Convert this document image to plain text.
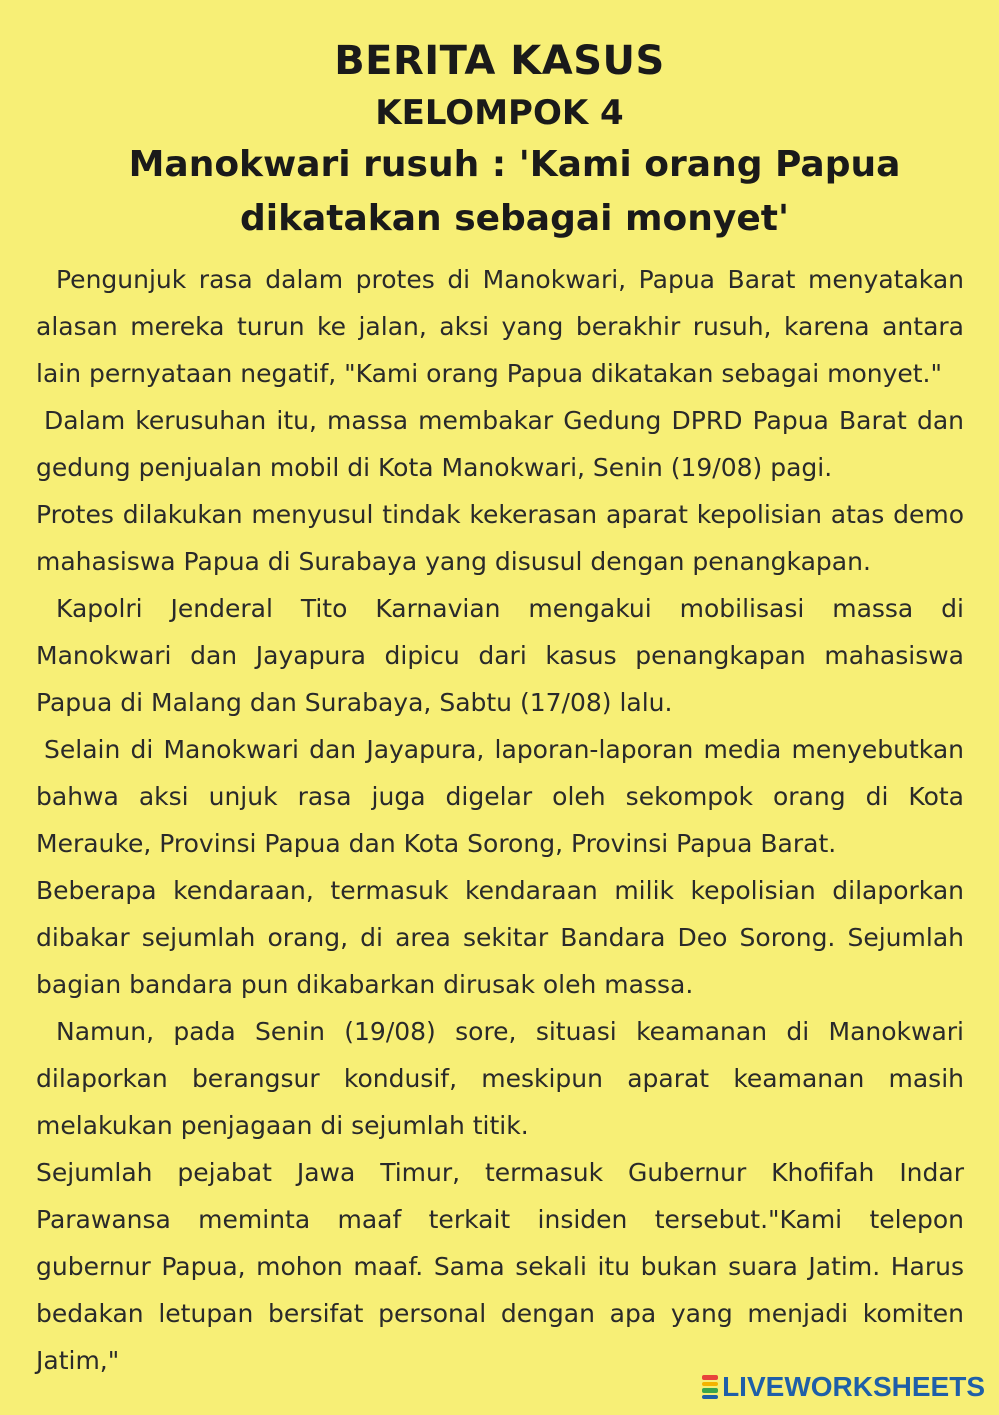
BERITA KASUS
KELOMPOK 4
Manokwari rusuh : 'Kami orang Papua
dikatakan sebagai monyet'

Pengunjuk rasa dalam protes di Manokwari, Papua Barat menyatakan alasan mereka turun ke jalan, aksi yang berakhir rusuh, karena antara lain pernyataan negatif, "Kami orang Papua dikatakan sebagai monyet."

Dalam kerusuhan itu, massa membakar Gedung DPRD Papua Barat dan gedung penjualan mobil di Kota Manokwari, Senin (19/08) pagi.

Protes dilakukan menyusul tindak kekerasan aparat kepolisian atas demo mahasiswa Papua di Surabaya yang disusul dengan penangkapan.

Kapolri Jenderal Tito Karnavian mengakui mobilisasi massa di Manokwari dan Jayapura dipicu dari kasus penangkapan mahasiswa Papua di Malang dan Surabaya, Sabtu (17/08) lalu.

Selain di Manokwari dan Jayapura, laporan-laporan media menyebutkan bahwa aksi unjuk rasa juga digelar oleh sekompok orang di Kota Merauke, Provinsi Papua dan Kota Sorong, Provinsi Papua Barat.

Beberapa kendaraan, termasuk kendaraan milik kepolisian dilaporkan dibakar sejumlah orang, di area sekitar Bandara Deo Sorong. Sejumlah bagian bandara pun dikabarkan dirusak oleh massa.

Namun, pada Senin (19/08) sore, situasi keamanan di Manokwari dilaporkan berangsur kondusif, meskipun aparat keamanan masih melakukan penjagaan di sejumlah titik.

Sejumlah pejabat Jawa Timur, termasuk Gubernur Khofifah Indar Parawansa meminta maaf terkait insiden tersebut."Kami telepon gubernur Papua, mohon maaf. Sama sekali itu bukan suara Jatim. Harus bedakan letupan bersifat personal dengan apa yang menjadi komiten Jatim,"

LIVEWORKSHEETS
